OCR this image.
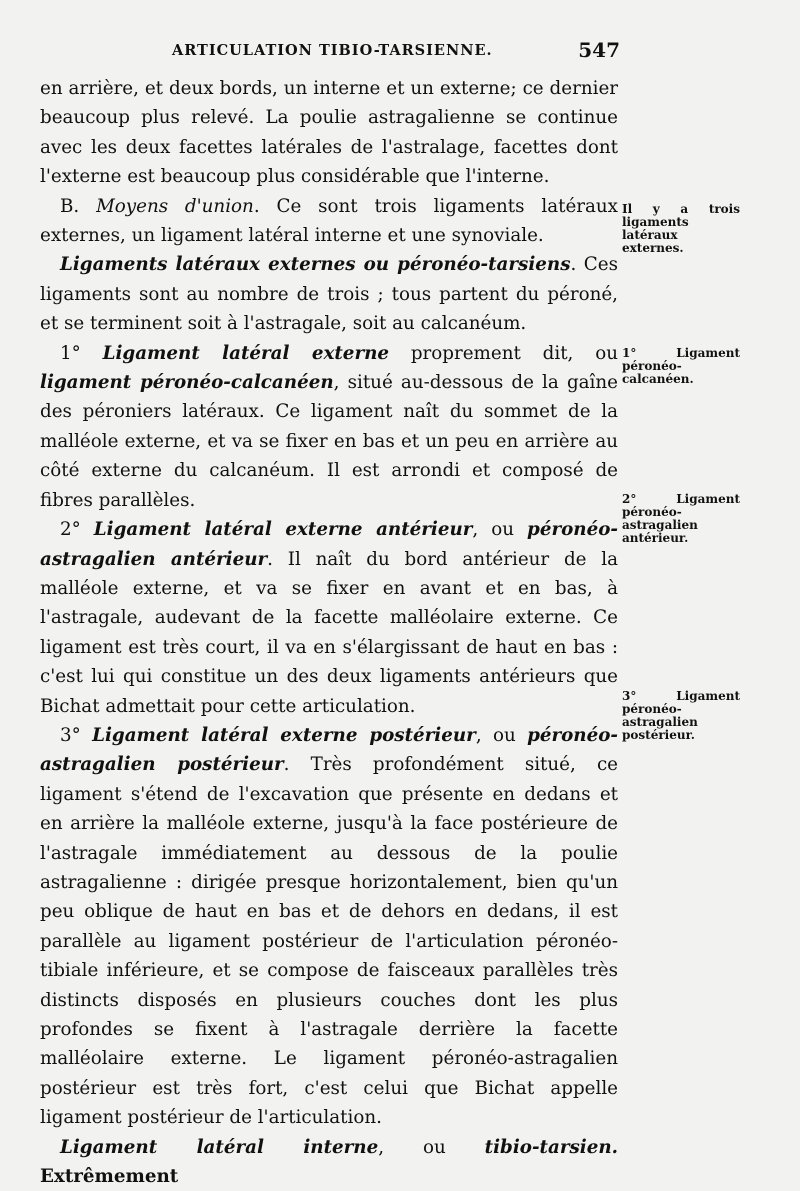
ARTICULATION TIBIO-TARSIENNE.	547

en arrière, et deux bords, un interne et un externe; ce dernier beaucoup plus relevé. La poulie astragalienne se continue avec les deux facettes latérales de l'astralage, facettes dont l'externe est beaucoup plus considérable que l'interne.

B. Moyens d'union. Ce sont trois ligaments latéraux externes, un ligament latéral interne et une synoviale.

Ligaments latéraux externes ou péronéo-tarsiens. Ces ligaments sont au nombre de trois ; tous partent du péroné, et se terminent soit à l'astragale, soit au calcanéum.

1° Ligament latéral externe proprement dit, ou ligament péronéo-calcanéen, situé au-dessous de la gaîne des péroniers latéraux. Ce ligament naît du sommet de la malléole externe, et va se fixer en bas et un peu en arrière au côté externe du calcanéum. Il est arrondi et composé de fibres parallèles.

2° Ligament latéral externe antérieur, ou péronéo-astragalien antérieur. Il naît du bord antérieur de la malléole externe, et va se fixer en avant et en bas, à l'astragale, audevant de la facette malléolaire externe. Ce ligament est très court, il va en s'élargissant de haut en bas : c'est lui qui constitue un des deux ligaments antérieurs que Bichat admettait pour cette articulation.

3° Ligament latéral externe postérieur, ou péronéo-astragalien postérieur. Très profondément situé, ce ligament s'étend de l'excavation que présente en dedans et en arrière la malléole externe, jusqu'à la face postérieure de l'astragale immédiatement au dessous de la poulie astragalienne : dirigée presque horizontalement, bien qu'un peu oblique de haut en bas et de dehors en dedans, il est parallèle au ligament postérieur de l'articulation péronéo-tibiale inférieure, et se compose de faisceaux parallèles très distincts disposés en plusieurs couches dont les plus profondes se fixent à l'astragale derrière la facette malléolaire externe. Le ligament péronéo-astragalien postérieur est très fort, c'est celui que Bichat appelle ligament postérieur de l'articulation.

Ligament latéral interne, ou tibio-tarsien. Extrêmement

Il y a trois ligaments latéraux externes.
1° Ligament péronéo-calcanéen.
2° Ligament péronéo-astragalien antérieur.
3° Ligament péronéo-astragalien postérieur.
